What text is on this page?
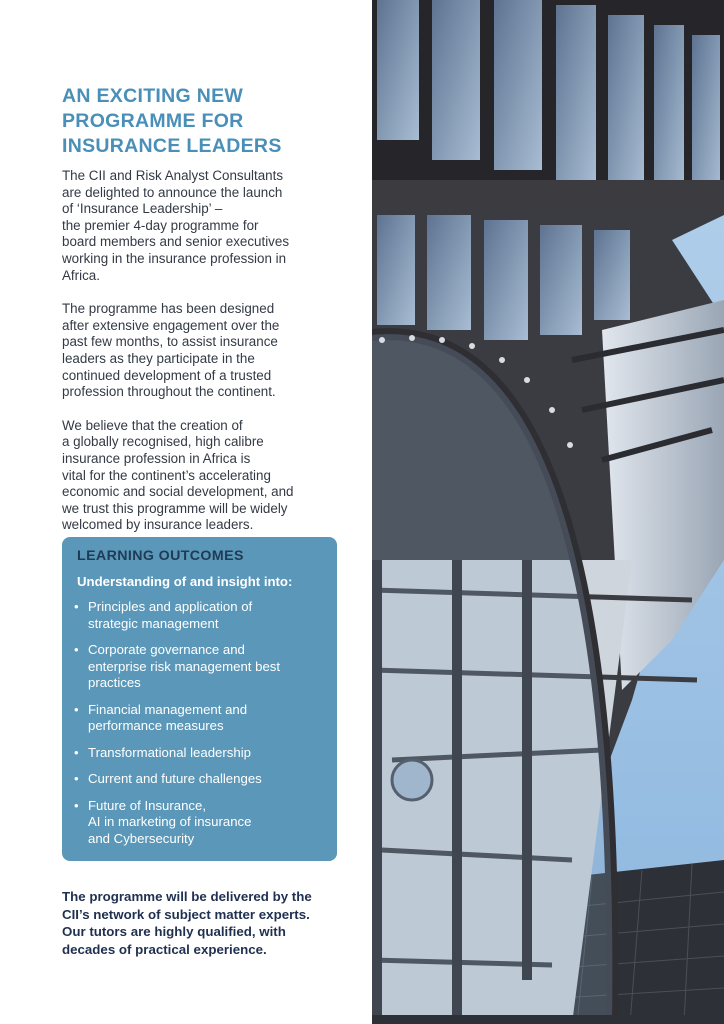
AN EXCITING NEW
PROGRAMME FOR
INSURANCE LEADERS

The CII and Risk Analyst Consultants
are delighted to announce the launch
of ‘Insurance Leadership’ –
the premier 4-day programme for
board members and senior executives
working in the insurance profession in
Africa.

The programme has been designed
after extensive engagement over the
past few months, to assist insurance
leaders as they participate in the
continued development of a trusted
profession throughout the continent.

We believe that the creation of
a globally recognised, high calibre
insurance profession in Africa is
vital for the continent’s accelerating
economic and social development, and
we trust this programme will be widely
welcomed by insurance leaders.

LEARNING OUTCOMES
Understanding of and insight into:
• Principles and application of
strategic management
• Corporate governance and
enterprise risk management best
practices
• Financial management and
performance measures
• Transformational leadership
• Current and future challenges
• Future of Insurance,
AI in marketing of insurance
and Cybersecurity
The programme will be delivered by the
CII’s network of subject matter experts.
Our tutors are highly qualified, with
decades of practical experience.
